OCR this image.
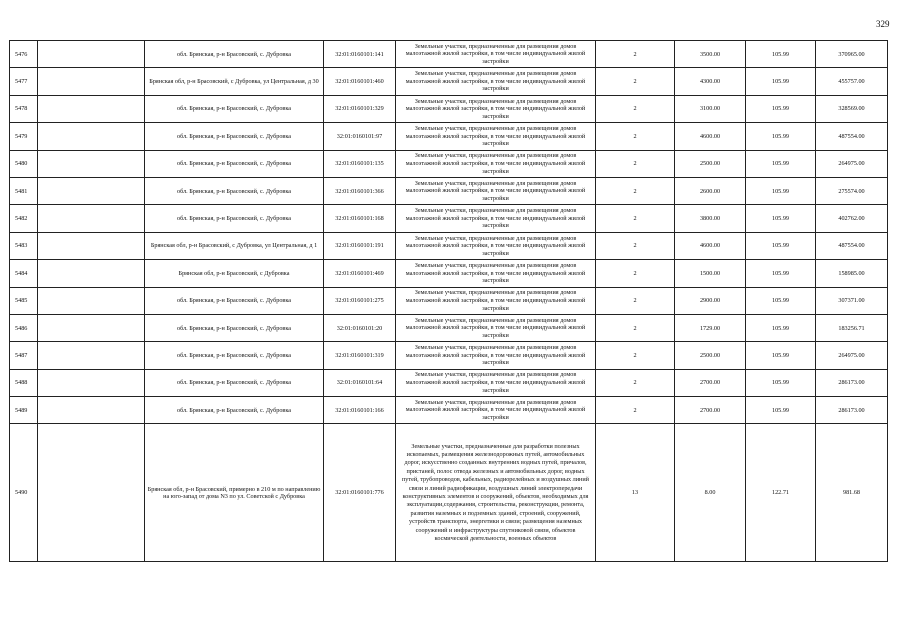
329
5476		обл. Брянская, р-н Брасовский, с. Дубровка	32:01:0160101:141	Земельные участки, предназначенные для размещения домов малоэтажной жилой застройки, в том числе индивидуальной жилой застройки	2	3500.00	105.99	370965.00
5477		Брянская обл, р-н Брасовский, с Дубровка, ул Центральная, д 30	32:01:0160101:460	Земельные участки, предназначенные для размещения домов малоэтажной жилой застройки, в том числе индивидуальной жилой застройки	2	4300.00	105.99	455757.00
5478		обл. Брянская, р-н Брасовский, с. Дубровка	32:01:0160101:329	Земельные участки, предназначенные для размещения домов малоэтажной жилой застройки, в том числе индивидуальной жилой застройки	2	3100.00	105.99	328569.00
5479		обл. Брянская, р-н Брасовский, с. Дубровка	32:01:0160101:97	Земельные участки, предназначенные для размещения домов малоэтажной жилой застройки, в том числе индивидуальной жилой застройки	2	4600.00	105.99	487554.00
5480		обл. Брянская, р-н Брасовский, с. Дубровка	32:01:0160101:135	Земельные участки, предназначенные для размещения домов малоэтажной жилой застройки, в том числе индивидуальной жилой застройки	2	2500.00	105.99	264975.00
5481		обл. Брянская, р-н Брасовский, с. Дубровка	32:01:0160101:366	Земельные участки, предназначенные для размещения домов малоэтажной жилой застройки, в том числе индивидуальной жилой застройки	2	2600.00	105.99	275574.00
5482		обл. Брянская, р-н Брасовский, с. Дубровка	32:01:0160101:168	Земельные участки, предназначенные для размещения домов малоэтажной жилой застройки, в том числе индивидуальной жилой застройки	2	3800.00	105.99	402762.00
5483		Брянская обл, р-н Брасовский, с Дубровка, ул Центральная, д 1	32:01:0160101:191	Земельные участки, предназначенные для размещения домов малоэтажной жилой застройки, в том числе индивидуальной жилой застройки	2	4600.00	105.99	487554.00
5484		Брянская обл, р-н Брасовский, с Дубровка	32:01:0160101:469	Земельные участки, предназначенные для размещения домов малоэтажной жилой застройки, в том числе индивидуальной жилой застройки	2	1500.00	105.99	158985.00
5485		обл. Брянская, р-н Брасовский, с. Дубровка	32:01:0160101:275	Земельные участки, предназначенные для размещения домов малоэтажной жилой застройки, в том числе индивидуальной жилой застройки	2	2900.00	105.99	307371.00
5486		обл. Брянская, р-н Брасовский, с. Дубровка	32:01:0160101:20	Земельные участки, предназначенные для размещения домов малоэтажной жилой застройки, в том числе индивидуальной жилой застройки	2	1729.00	105.99	183256.71
5487		обл. Брянская, р-н Брасовский, с. Дубровка	32:01:0160101:319	Земельные участки, предназначенные для размещения домов малоэтажной жилой застройки, в том числе индивидуальной жилой застройки	2	2500.00	105.99	264975.00
5488		обл. Брянская, р-н Брасовский, с. Дубровка	32:01:0160101:64	Земельные участки, предназначенные для размещения домов малоэтажной жилой застройки, в том числе индивидуальной жилой застройки	2	2700.00	105.99	286173.00
5489		обл. Брянская, р-н Брасовский, с. Дубровка	32:01:0160101:166	Земельные участки, предназначенные для размещения домов малоэтажной жилой застройки, в том числе индивидуальной жилой застройки	2	2700.00	105.99	286173.00
5490		Брянская обл, р-н Брасовский, примерно в 210 м по направлению на юго-запад от дома N3 по ул. Советской с Дубровка	32:01:0160101:776	Земельные участки, предназначенные для разработки полезных ископаемых, размещения железнодорожных путей, автомобильных дорог, искусственно созданных внутренних водных путей, причалов, пристаней, полос отвода железных и автомобильных дорог, водных путей, трубопроводов, кабельных, радиорелейных и воздушных линий связи и линий радиофикации, воздушных линий электропередачи конструктивных элементов и сооружений, объектов, необходимых для эксплуатации,содержания, строительства, реконструкции, ремонта, развития наземных и подземных зданий, строений, сооружений, устройств транспорта, энергетики и связи; размещения наземных сооружений и инфраструктуры спутниковой связи, объектов космической деятельности, военных объектов	13	8.00	122.71	981.68
